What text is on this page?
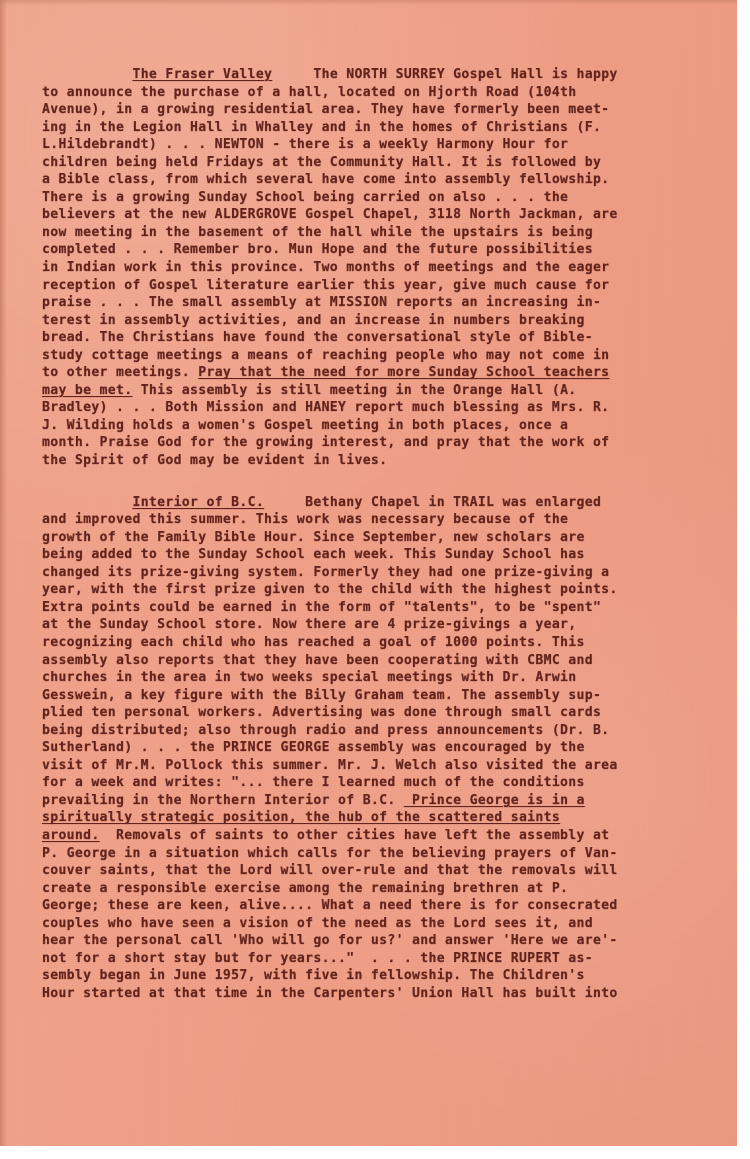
The Fraser Valley     The NORTH SURREY Gospel Hall is happy
to announce the purchase of a hall, located on Hjorth Road (104th
Avenue), in a growing residential area. They have formerly been meet-
ing in the Legion Hall in Whalley and in the homes of Christians (F.
L.Hildebrandt) . . . NEWTON - there is a weekly Harmony Hour for
children being held Fridays at the Community Hall. It is followed by
a Bible class, from which several have come into assembly fellowship.
There is a growing Sunday School being carried on also . . . the
believers at the new ALDERGROVE Gospel Chapel, 3118 North Jackman, are
now meeting in the basement of the hall while the upstairs is being
completed . . . Remember bro. Mun Hope and the future possibilities
in Indian work in this province. Two months of meetings and the eager
reception of Gospel literature earlier this year, give much cause for
praise . . . The small assembly at MISSION reports an increasing in-
terest in assembly activities, and an increase in numbers breaking
bread. The Christians have found the conversational style of Bible-
study cottage meetings a means of reaching people who may not come in
to other meetings. Pray that the need for more Sunday School teachers
may be met. This assembly is still meeting in the Orange Hall (A.
Bradley) . . . Both Mission and HANEY report much blessing as Mrs. R.
J. Wilding holds a women's Gospel meeting in both places, once a
month. Praise God for the growing interest, and pray that the work of
the Spirit of God may be evident in lives.
Interior of B.C.     Bethany Chapel in TRAIL was enlarged
and improved this summer. This work was necessary because of the
growth of the Family Bible Hour. Since September, new scholars are
being added to the Sunday School each week. This Sunday School has
changed its prize-giving system. Formerly they had one prize-giving a
year, with the first prize given to the child with the highest points.
Extra points could be earned in the form of "talents", to be "spent"
at the Sunday School store. Now there are 4 prize-givings a year,
recognizing each child who has reached a goal of 1000 points. This
assembly also reports that they have been cooperating with CBMC and
churches in the area in two weeks special meetings with Dr. Arwin
Gesswein, a key figure with the Billy Graham team. The assembly sup-
plied ten personal workers. Advertising was done through small cards
being distributed; also through radio and press announcements (Dr. B.
Sutherland) . . . the PRINCE GEORGE assembly was encouraged by the
visit of Mr.M. Pollock this summer. Mr. J. Welch also visited the area
for a week and writes: "... there I learned much of the conditions
prevailing in the Northern Interior of B.C.  Prince George is in a
spiritually strategic position, the hub of the scattered saints
around.  Removals of saints to other cities have left the assembly at
P. George in a situation which calls for the believing prayers of Van-
couver saints, that the Lord will over-rule and that the removals will
create a responsible exercise among the remaining brethren at P.
George; these are keen, alive.... What a need there is for consecrated
couples who have seen a vision of the need as the Lord sees it, and
hear the personal call 'Who will go for us?' and answer 'Here we are'-
not for a short stay but for years..."  . . . the PRINCE RUPERT as-
sembly began in June 1957, with five in fellowship. The Children's
Hour started at that time in the Carpenters' Union Hall has built into
